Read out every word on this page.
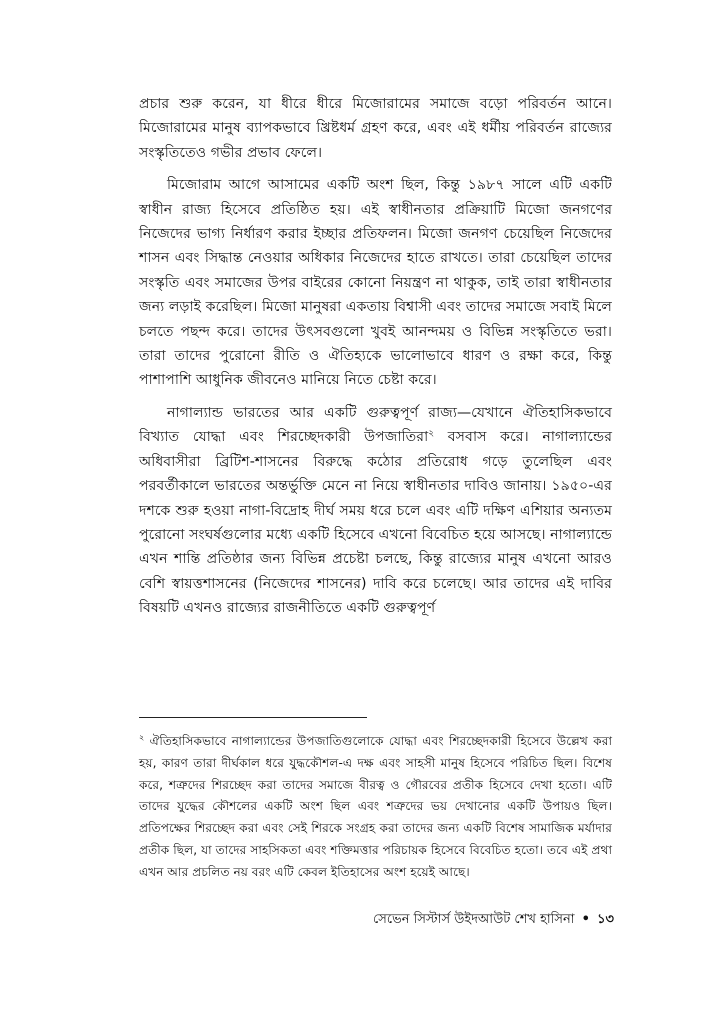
প্রচার শুরু করেন, যা ধীরে ধীরে মিজোরামের সমাজে বড়ো পরিবর্তন আনে। মিজোরামের মানুষ ব্যাপকভাবে খ্রিষ্টধর্ম গ্রহণ করে, এবং এই ধর্মীয় পরিবর্তন রাজ্যের সংস্কৃতিতেও গভীর প্রভাব ফেলে।

মিজোরাম আগে আসামের একটি অংশ ছিল, কিন্তু ১৯৮৭ সালে এটি একটি স্বাধীন রাজ্য হিসেবে প্রতিষ্ঠিত হয়। এই স্বাধীনতার প্রক্রিয়াটি মিজো জনগণের নিজেদের ভাগ্য নির্ধারণ করার ইচ্ছার প্রতিফলন। মিজো জনগণ চেয়েছিল নিজেদের শাসন এবং সিদ্ধান্ত নেওয়ার অধিকার নিজেদের হাতে রাখতে। তারা চেয়েছিল তাদের সংস্কৃতি এবং সমাজের উপর বাইরের কোনো নিয়ন্ত্রণ না থাকুক, তাই তারা স্বাধীনতার জন্য লড়াই করেছিল। মিজো মানুষরা একতায় বিশ্বাসী এবং তাদের সমাজে সবাই মিলে চলতে পছন্দ করে। তাদের উৎসবগুলো খুবই আনন্দময় ও বিভিন্ন সংস্কৃতিতে ভরা। তারা তাদের পুরোনো রীতি ও ঐতিহ্যকে ভালোভাবে ধারণ ও রক্ষা করে, কিন্তু পাশাপাশি আধুনিক জীবনেও মানিয়ে নিতে চেষ্টা করে।

নাগাল্যান্ড ভারতের আর একটি গুরুত্বপূর্ণ রাজ্য—যেখানে ঐতিহাসিকভাবে বিখ্যাত যোদ্ধা এবং শিরচ্ছেদকারী উপজাতিরা$^২$ বসবাস করে। নাগাল্যান্ডের অধিবাসীরা ব্রিটিশ-শাসনের বিরুদ্ধে কঠোর প্রতিরোধ গড়ে তুলেছিল এবং পরবর্তীকালে ভারতের অন্তর্ভুক্তি মেনে না নিয়ে স্বাধীনতার দাবিও জানায়। ১৯৫০-এর দশকে শুরু হওয়া নাগা-বিদ্রোহ দীর্ঘ সময় ধরে চলে এবং এটি দক্ষিণ এশিয়ার অন্যতম পুরোনো সংঘর্ষগুলোর মধ্যে একটি হিসেবে এখনো বিবেচিত হয়ে আসছে। নাগাল্যান্ডে এখন শান্তি প্রতিষ্ঠার জন্য বিভিন্ন প্রচেষ্টা চলছে, কিন্তু রাজ্যের মানুষ এখনো আরও বেশি স্বায়ত্তশাসনের (নিজেদের শাসনের) দাবি করে চলেছে। আর তাদের এই দাবির বিষয়টি এখনও রাজ্যের রাজনীতিতে একটি গুরুত্বপূর্ণ

$^২$ ঐতিহাসিকভাবে নাগাল্যান্ডের উপজাতিগুলোকে যোদ্ধা এবং শিরচ্ছেদকারী হিসেবে উল্লেখ করা হয়, কারণ তারা দীর্ঘকাল ধরে যুদ্ধকৌশল-এ দক্ষ এবং সাহসী মানুষ হিসেবে পরিচিত ছিল। বিশেষ করে, শত্রুদের শিরচ্ছেদ করা তাদের সমাজে বীরত্ব ও গৌরবের প্রতীক হিসেবে দেখা হতো। এটি তাদের যুদ্ধের কৌশলের একটি অংশ ছিল এবং শত্রুদের ভয় দেখানোর একটি উপায়ও ছিল। প্রতিপক্ষের শিরচ্ছেদ করা এবং সেই শিরকে সংগ্রহ করা তাদের জন্য একটি বিশেষ সামাজিক মর্যাদার প্রতীক ছিল, যা তাদের সাহসিকতা এবং শক্তিমত্তার পরিচায়ক হিসেবে বিবেচিত হতো। তবে এই প্রথা এখন আর প্রচলিত নয় বরং এটি কেবল ইতিহাসের অংশ হয়েই আছে।

সেভেন সিস্টার্স উইদআউট শেখ হাসিনা • ১৩
